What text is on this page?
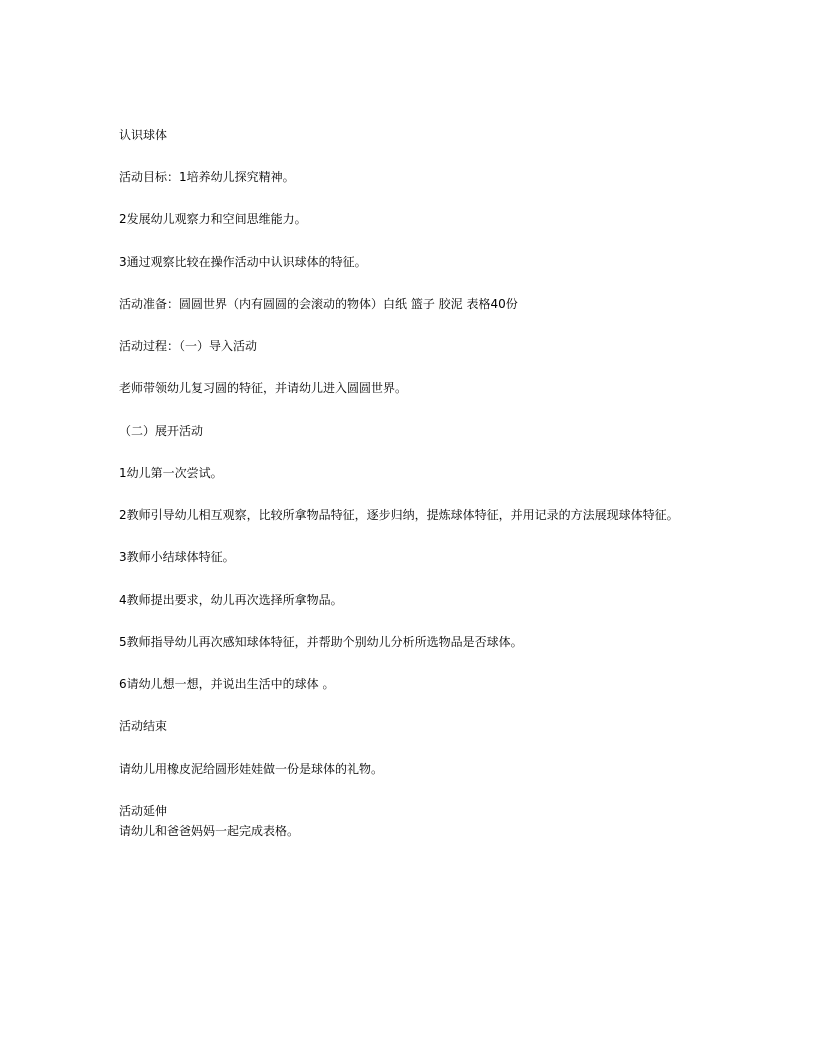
认识球体
活动目标：1培养幼儿探究精神。
2发展幼儿观察力和空间思维能力。
3通过观察比较在操作活动中认识球体的特征。
活动准备：圆圆世界（内有圆圆的会滚动的物体）白纸 篮子 胶泥 表格40份
活动过程：（一）导入活动
老师带领幼儿复习圆的特征，并请幼儿进入圆圆世界。
（二）展开活动
1幼儿第一次尝试。
2教师引导幼儿相互观察，比较所拿物品特征，逐步归纳，提炼球体特征，并用记录的方法展现球体特征。
3教师小结球体特征。
4教师提出要求，幼儿再次选择所拿物品。
5教师指导幼儿再次感知球体特征，并帮助个别幼儿分析所选物品是否球体。
6请幼儿想一想，并说出生活中的球体 。
活动结束
请幼儿用橡皮泥给圆形娃娃做一份是球体的礼物。
活动延伸
请幼儿和爸爸妈妈一起完成表格。
